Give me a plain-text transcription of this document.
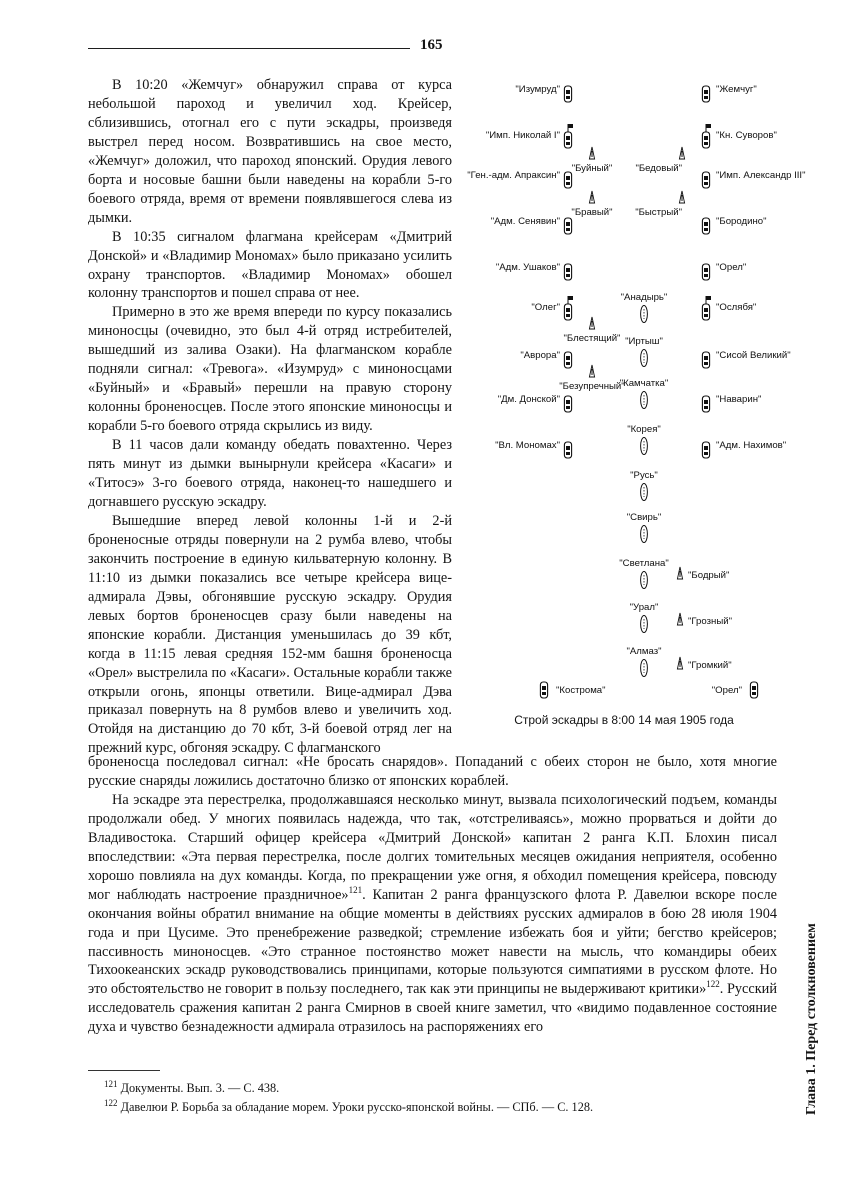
165

В 10:20 «Жемчуг» обнаружил справа от курса небольшой пароход и увеличил ход. Крейсер, сблизившись, отогнал его с пути эскадры, произведя выстрел перед носом. Возвратившись на свое место, «Жемчуг» доложил, что пароход японский. Орудия левого борта и носовые башни были наведены на корабли 5-го боевого отряда, время от времени появлявшегося слева из дымки.

В 10:35 сигналом флагмана крейсерам «Дмитрий Донской» и «Владимир Мономах» было приказано усилить охрану транспортов. «Владимир Мономах» обошел колонну транспортов и пошел справа от нее.

Примерно в это же время впереди по курсу показались миноносцы (очевидно, это был 4-й отряд истребителей, вышедший из залива Озаки). На флагманском корабле подняли сигнал: «Тревога». «Изумруд» с миноносцами «Буйный» и «Бравый» перешли на правую сторону колонны броненосцев. После этого японские миноносцы и корабли 5-го боевого отряда скрылись из виду.

В 11 часов дали команду обедать повахтенно. Через пять минут из дымки вынырнули крейсера «Касаги» и «Титосэ» 3-го боевого отряда, наконец-то нашедшего и догнавшего русскую эскадру.

Вышедшие вперед левой колонны 1-й и 2-й броненосные отряды повернули на 2 румба влево, чтобы закончить построение в единую кильватерную колонну. В 11:10 из дымки показались все четыре крейсера вице-адмирала Дэвы, обгонявшие русскую эскадру. Орудия левых бортов броненосцев сразу были наведены на японские корабли. Дистанция уменьшилась до 39 кбт, когда в 11:15 левая средняя 152-мм башня броненосца «Орел» выстрелила по «Касаги». Остальные корабли также открыли огонь, японцы ответили. Вице-адмирал Дэва приказал повернуть на 8 румбов влево и увеличить ход. Отойдя на дистанцию до 70 кбт, 3-й боевой отряд лег на прежний курс, обгоняя эскадру. С флагманского

"Изумруд"
"Имп. Николай I"
"Ген.-адм. Апраксин"
"Адм. Сенявин"
"Адм. Ушаков"
"Олег"
"Аврора"
"Дм. Донской"
"Вл. Мономах"
"Жемчуг"
"Кн. Суворов"
"Имп. Александр III"
"Бородино"
"Орел"
"Ослябя"
"Сисой Великий"
"Наварин"
"Адм. Нахимов"
"Буйный"
"Бравый"
"Блестящий"
"Безупречный"
"Бедовый"
"Быстрый"
"Анадырь"
"Иртыш"
"Камчатка"
"Корея"
"Русь"
"Свирь"
"Светлана"
"Урал"
"Алмаз"
"Бодрый"
"Грозный"
"Громкий"
"Кострома"	"Орел"
Строй эскадры в 8:00 14 мая 1905 года

броненосца последовал сигнал: «Не бросать снарядов». Попаданий с обеих сторон не было, хотя многие русские снаряды ложились достаточно близко от японских кораблей.

На эскадре эта перестрелка, продолжавшаяся несколько минут, вызвала психологический подъем, команды продолжали обед. У многих появилась надежда, что так, «отстреливаясь», можно прорваться и дойти до Владивостока. Старший офицер крейсера «Дмитрий Донской» капитан 2 ранга К.П. Блохин писал впоследствии: «Эта первая перестрелка, после долгих томительных месяцев ожидания неприятеля, особенно хорошо повлияла на дух команды. Когда, по прекращении уже огня, я обходил помещения крейсера, повсюду мог наблюдать настроение праздничное»$^{121}$. Капитан 2 ранга французского флота Р. Давелюи вскоре после окончания войны обратил внимание на общие моменты в действиях русских адмиралов в бою 28 июля 1904 года и при Цусиме. Это пренебрежение разведкой; стремление избежать боя и уйти; бегство крейсеров; пассивность миноносцев. «Это странное постоянство может навести на мысль, что командиры обеих Тихоокеанских эскадр руководствовались принципами, которые пользуются симпатиями в русском флоте. Но это обстоятельство не говорит в пользу последнего, так как эти принципы не выдерживают критики»$^{122}$. Русский исследователь сражения капитан 2 ранга Смирнов в своей книге заметил, что «видимо подавленное состояние духа и чувство безнадежности адмирала отразилось на распоряжениях его

$^{121}$ Документы. Вып. 3. — С. 438.
$^{122}$ Давелюи Р. Борьба за обладание морем. Уроки русско-японской войны. — СПб. — С. 128.	Глава 1. Перед столкновением
